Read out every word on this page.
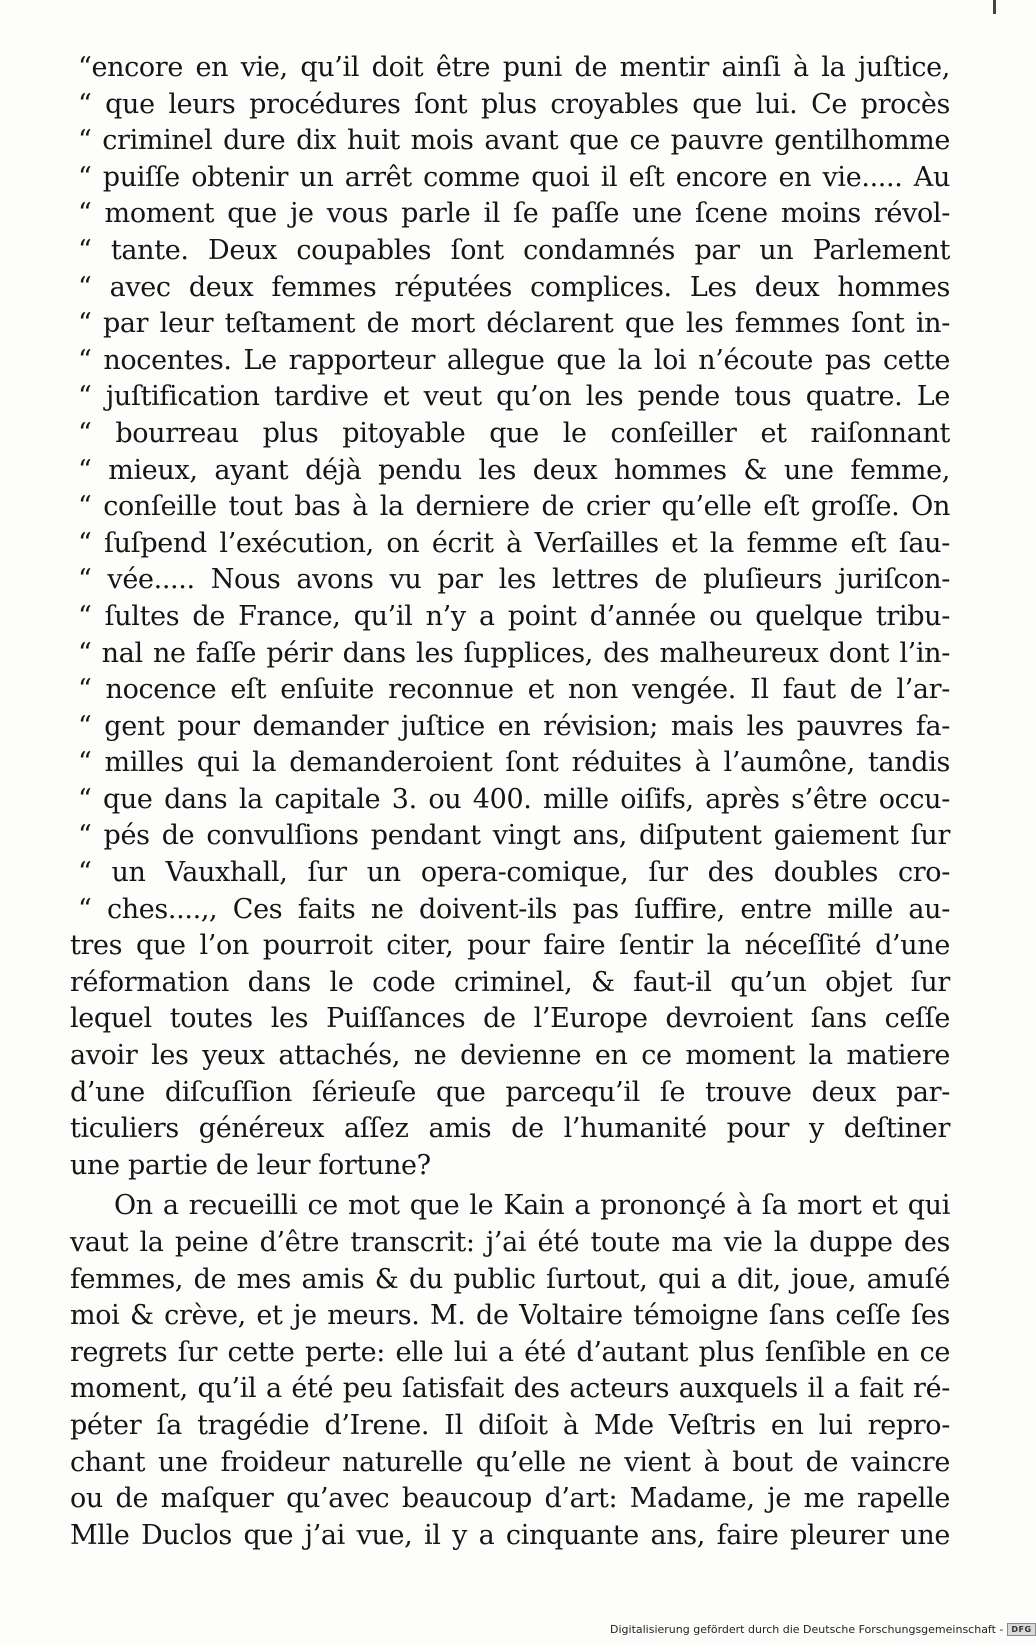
“encore en vie, qu’il doit être puni de mentir ainſi à la juſtice,
“ que leurs procédures ſont plus croyables que lui. Ce procès
“ criminel dure dix huit mois avant que ce pauvre gentilhomme
“ puiſſe obtenir un arrêt comme quoi il eſt encore en vie..... Au
“ moment que je vous parle il ſe paſſe une ſcene moins révol-
“ tante. Deux coupables ſont condamnés par un Parlement
“ avec deux femmes réputées complices. Les deux hommes
“ par leur teſtament de mort déclarent que les femmes ſont in-
“ nocentes. Le rapporteur allegue que la loi n’écoute pas cette
“ juſtification tardive et veut qu’on les pende tous quatre. Le
“ bourreau plus pitoyable que le conſeiller et raiſonnant
“ mieux, ayant déjà pendu les deux hommes & une femme,
“ conſeille tout bas à la derniere de crier qu’elle eſt groſſe. On
“ ſuſpend l’exécution, on écrit à Verſailles et la femme eſt ſau-
“ vée..... Nous avons vu par les lettres de pluſieurs juriſcon-
“ ſultes de France, qu’il n’y a point d’année ou quelque tribu-
“ nal ne faſſe périr dans les ſupplices, des malheureux dont l’in-
“ nocence eſt enſuite reconnue et non vengée. Il faut de l’ar-
“ gent pour demander juſtice en révision; mais les pauvres fa-
“ milles qui la demanderoient ſont réduites à l’aumône, tandis
“ que dans la capitale 3. ou 400. mille oiſifs, après s’être occu-
“ pés de convulſions pendant vingt ans, diſputent gaiement ſur
“ un Vauxhall, ſur un opera-comique, ſur des doubles cro-
“ ches....,, Ces faits ne doivent-ils pas ſuffire, entre mille au-
tres que l’on pourroit citer, pour faire ſentir la néceſſité d’une
réformation dans le code criminel, & faut-il qu’un objet ſur
lequel toutes les Puiſſances de l’Europe devroient ſans ceſſe
avoir les yeux attachés, ne devienne en ce moment la matiere
d’une diſcuſſion ſérieuſe que parcequ’il ſe trouve deux par-
ticuliers généreux aſſez amis de l’humanité pour y deſtiner
une partie de leur fortune?
On a recueilli ce mot que le Kain a prononçé à ſa mort et qui
vaut la peine d’être transcrit: j’ai été toute ma vie la duppe des
femmes, de mes amis & du public ſurtout, qui a dit, joue, amuſé
moi & crève, et je meurs. M. de Voltaire témoigne ſans ceſſe ſes
regrets ſur cette perte: elle lui a été d’autant plus ſenſible en ce
moment, qu’il a été peu ſatisfait des acteurs auxquels il a fait ré-
péter ſa tragédie d’Irene. Il diſoit à Mde Veſtris en lui repro-
chant une froideur naturelle qu’elle ne vient à bout de vaincre
ou de maſquer qu’avec beaucoup d’art: Madame, je me rapelle
Mlle Duclos que j’ai vue, il y a cinquante ans, faire pleurer une
Digitalisierung gefördert durch die Deutsche Forschungsgemeinschaft -	DFG
